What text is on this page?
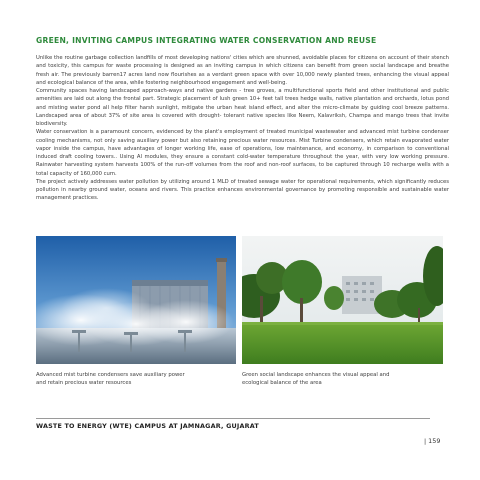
GREEN, INVITING CAMPUS INTEGRATING WATER CONSERVATION AND REUSE

Unlike the routine garbage collection landfills of most developing nations' cities which are shunned, avoidable places for citizens on account of their stench and toxicity, this campus for waste processing is designed as an inviting campus in which citizens can benefit from green social landscape and breathe fresh air. The previously barren17 acres land now flourishes as a verdant green space with over 10,000 newly planted trees, enhancing the visual appeal and ecological balance of the area, while fostering neighbourhood engagement and well-being.

Community spaces having landscaped approach-ways and native gardens - tree groves, a multifunctional sports field and other institutional and public amenities are laid out along the frontal part. Strategic placement of lush green 10+ feet tall trees hedge walls, native plantation and orchards, lotus pond and misting water pond all help filter harsh sunlight, mitigate the urban heat island effect, and alter the micro-climate by guiding cool breeze patterns. Landscaped area of about 37% of site area is covered with drought- tolerant native species like Neem, Kalavriksh, Champa and mango trees that invite biodiversity.

Water conservation is a paramount concern, evidenced by the plant's employment of treated municipal wastewater and advanced mist turbine condenser cooling mechanisms, not only saving auxiliary power but also retaining precious water resources. Mist Turbine condensers, which retain evaporated water vapor inside the campus, have advantages of longer working life, ease of operations, low maintenance, and economy, in comparison to conventional induced draft cooling towers.. Using Al modules, they ensure a constant cold-water temperature throughout the year, with very low working pressure. Rainwater harvesting system harvests 100% of the run-off volumes from the roof and non-roof surfaces, to be captured through 10 recharge wells with a total capacity of 160,000 cum.

The project actively addresses water pollution by utilizing around 1 MLD of treated sewage water for operational requirements, which significantly reduces pollution in nearby ground water, oceans and rivers. This practice enhances environmental governance by promoting responsible and sustainable water management practices.

Advanced mist turbine condensers save auxiliary power and retain precious water resources
Green social landscape enhances the visual appeal and ecological balance of the area
WASTE TO ENERGY (WTE) CAMPUS AT JAMNAGAR, GUJARAT
| 159
